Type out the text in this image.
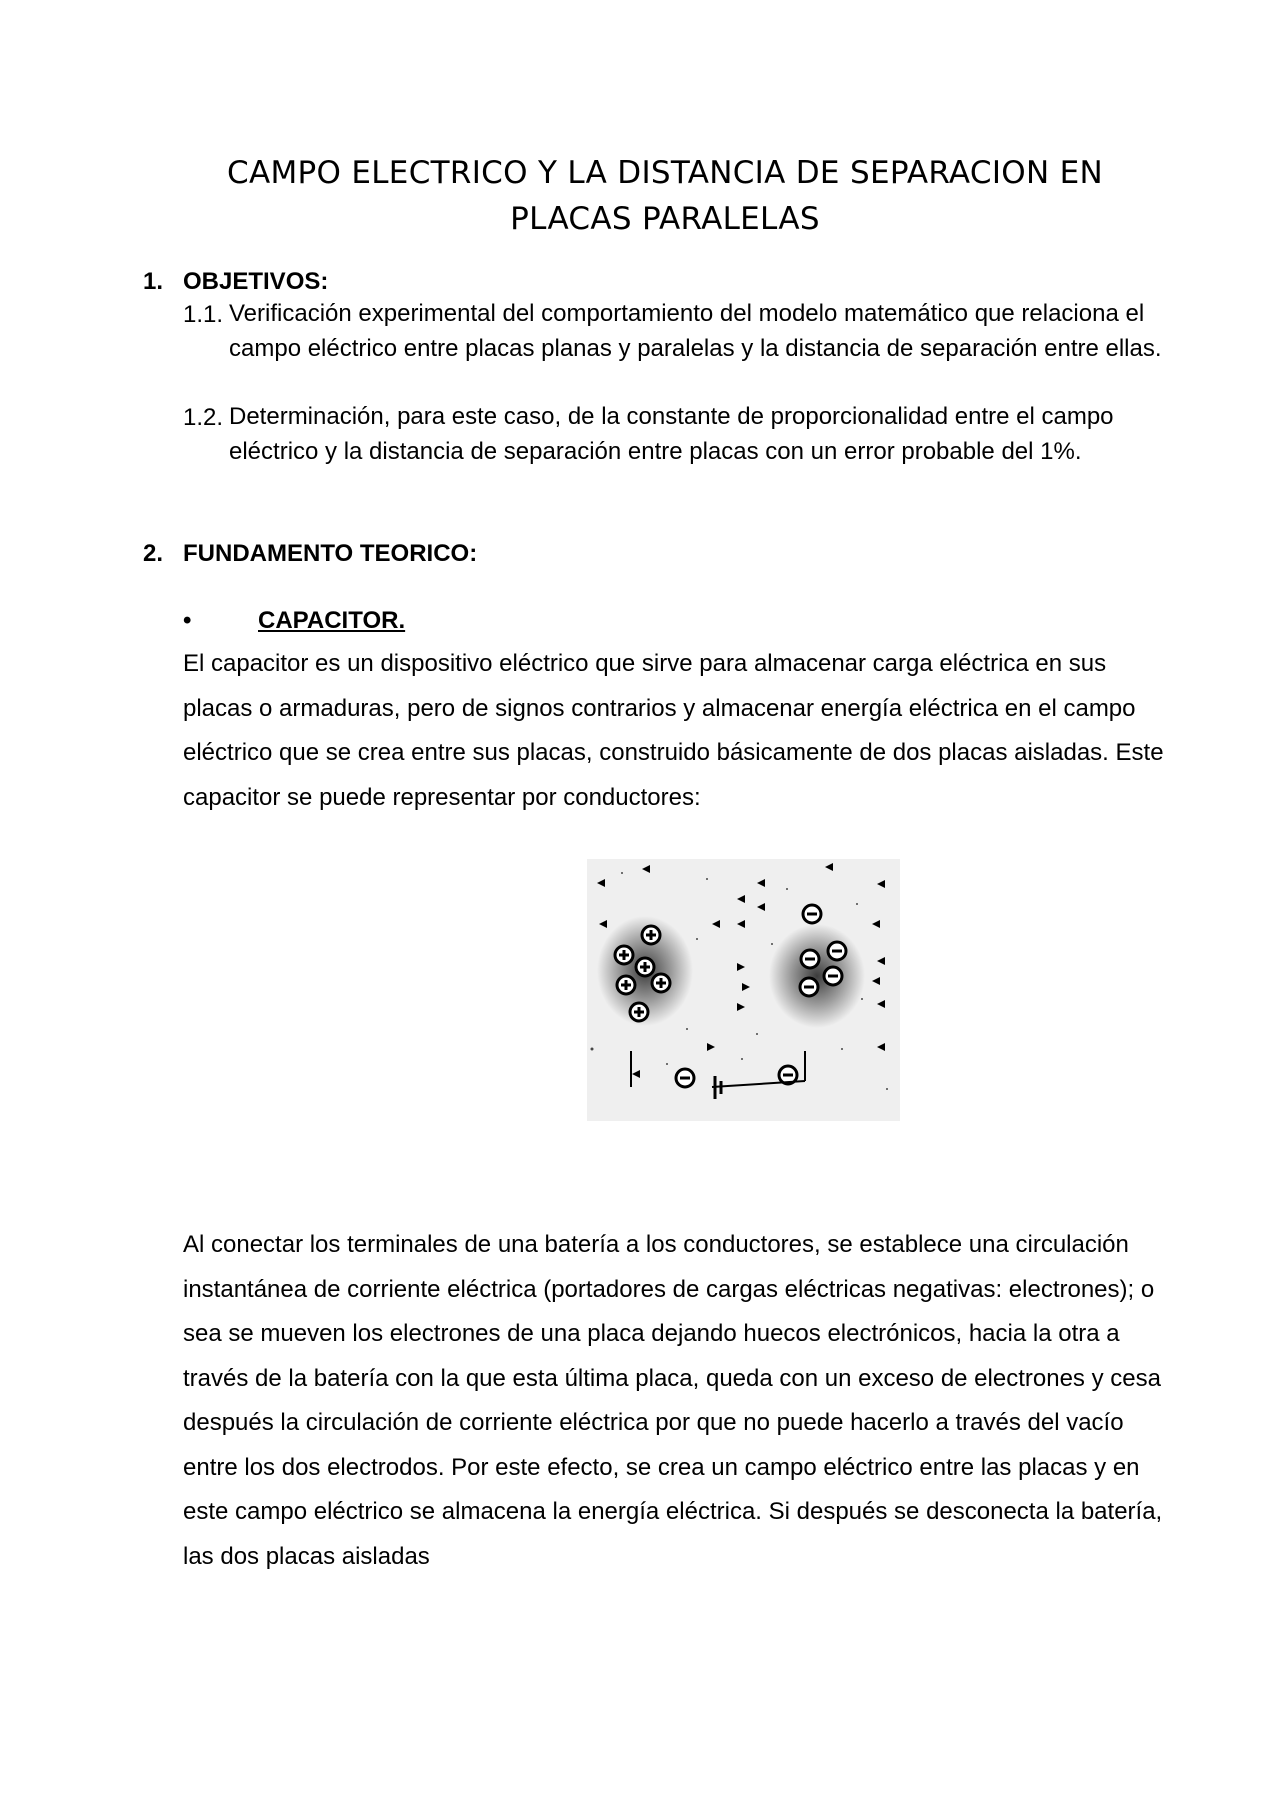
CAMPO ELECTRICO Y LA DISTANCIA DE SEPARACION EN
PLACAS PARALELAS
1. OBJETIVOS:
1.1. Verificación experimental del comportamiento del modelo matemático que relaciona el campo eléctrico entre placas planas y paralelas y la distancia de separación entre ellas.
1.2. Determinación, para este caso, de la constante de proporcionalidad entre el campo eléctrico y la distancia de separación entre placas con un error probable del 1%.
2. FUNDAMENTO TEORICO:
•	CAPACITOR.
El capacitor es un dispositivo eléctrico que sirve para almacenar carga eléctrica en sus placas o armaduras, pero de signos contrarios y almacenar energía eléctrica en el campo eléctrico que se crea entre sus placas, construido básicamente de dos placas aisladas. Este capacitor se puede representar por conductores:
Al conectar los terminales de una batería a los conductores, se establece una circulación instantánea de corriente eléctrica (portadores de cargas eléctricas negativas: electrones); o sea se mueven los electrones de una placa dejando huecos electrónicos, hacia la otra a través de la batería con la que esta última placa, queda con un exceso de electrones y cesa después la circulación de corriente eléctrica por que no puede hacerlo a través del vacío entre los dos electrodos. Por este efecto, se crea un campo eléctrico entre las placas y en este campo eléctrico se almacena la energía eléctrica. Si después se desconecta la batería, las dos placas aisladas
